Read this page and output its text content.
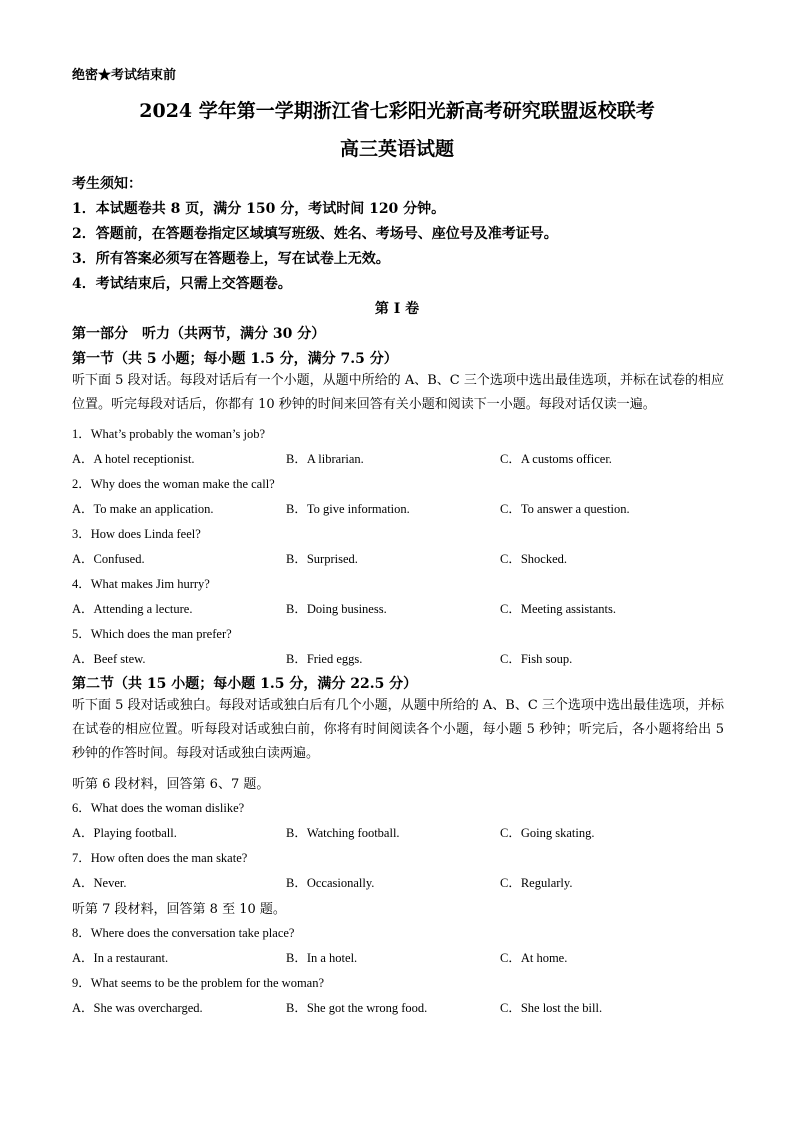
绝密★考试结束前
2024 学年第一学期浙江省七彩阳光新高考研究联盟返校联考
高三英语试题
考生须知：
1．本试题卷共 8 页，满分 150 分，考试时间 120 分钟。
2．答题前，在答题卷指定区域填写班级、姓名、考场号、座位号及准考证号。
3．所有答案必须写在答题卷上，写在试卷上无效。
4．考试结束后，只需上交答题卷。
第 I 卷
第一部分　听力（共两节，满分 30 分）
第一节（共 5 小题；每小题 1.5 分，满分 7.5 分）
听下面 5 段对话。每段对话后有一个小题，从题中所给的 A、B、C 三个选项中选出最佳选项，并标在试卷的相应位置。听完每段对话后，你都有 10 秒钟的时间来回答有关小题和阅读下一小题。每段对话仅读一遍。
1．What’s probably the woman’s job?
A．A hotel receptionist.	B．A librarian.	C．A customs officer.
2．Why does the woman make the call?
A．To make an application.	B．To give information.	C．To answer a question.
3．How does Linda feel?
A．Confused.	B．Surprised.	C．Shocked.
4．What makes Jim hurry?
A．Attending a lecture.	B．Doing business.	C．Meeting assistants.
5．Which does the man prefer?
A．Beef stew.	B．Fried eggs.	C．Fish soup.
第二节（共 15 小题；每小题 1.5 分，满分 22.5 分）
听下面 5 段对话或独白。每段对话或独白后有几个小题，从题中所给的 A、B、C 三个选项中选出最佳选项，并标在试卷的相应位置。听每段对话或独白前，你将有时间阅读各个小题，每小题 5 秒钟；听完后，各小题将给出 5 秒钟的作答时间。每段对话或独白读两遍。
听第 6 段材料，回答第 6、7 题。
6．What does the woman dislike?
A．Playing football.	B．Watching football.	C．Going skating.
7．How often does the man skate?
A．Never.	B．Occasionally.	C．Regularly.
听第 7 段材料，回答第 8 至 10 题。
8．Where does the conversation take place?
A．In a restaurant.	B．In a hotel.	C．At home.
9．What seems to be the problem for the woman?
A．She was overcharged.	B．She got the wrong food.	C．She lost the bill.
